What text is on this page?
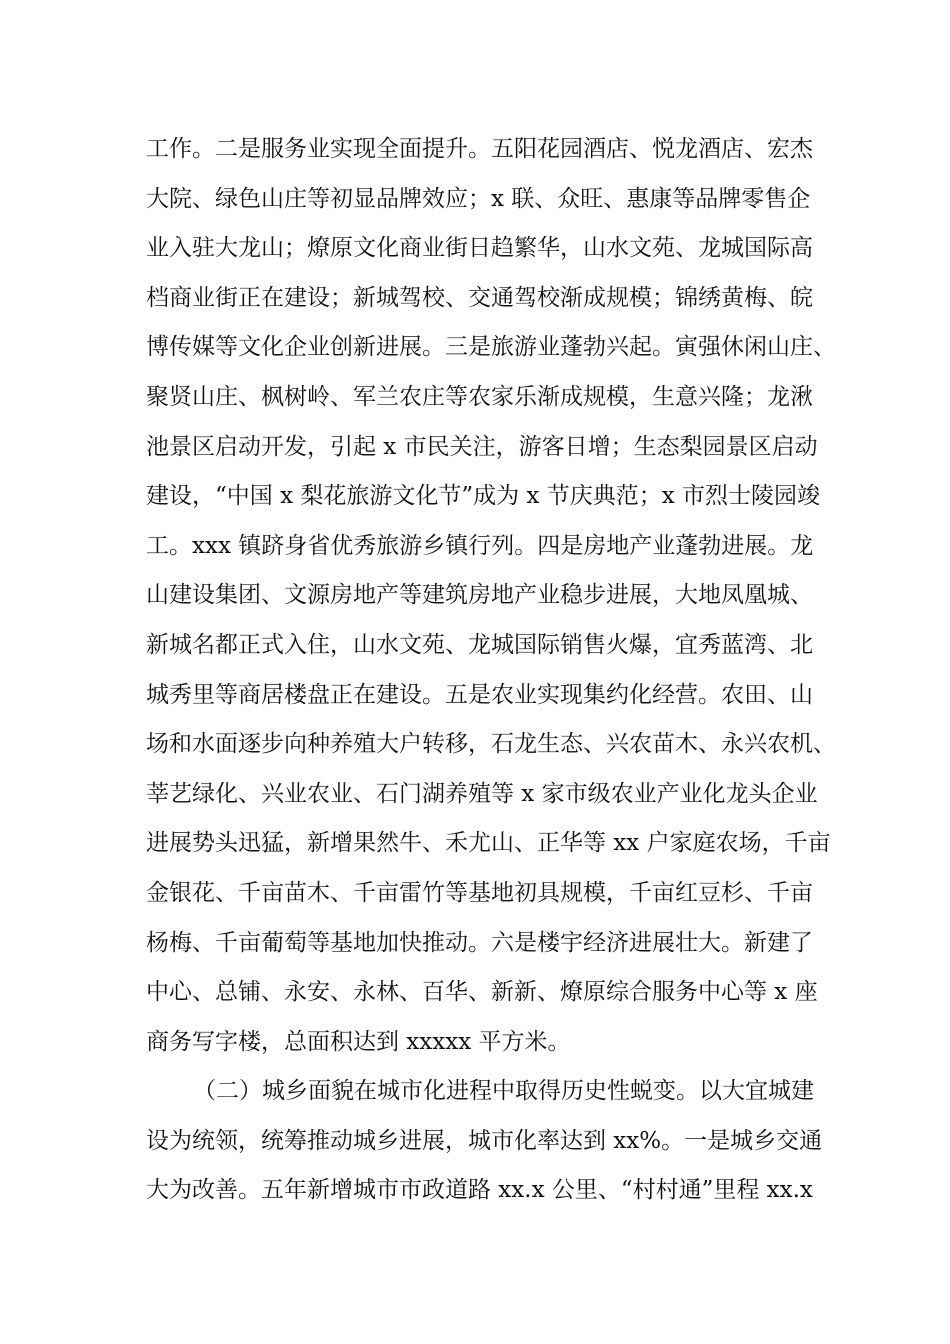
工作。二是服务业实现全面提升。五阳花园酒店、悦龙酒店、宏杰
大院、绿色山庄等初显品牌效应；x 联、众旺、惠康等品牌零售企
业入驻大龙山；燎原文化商业街日趋繁华，山水文苑、龙城国际高
档商业街正在建设；新城驾校、交通驾校渐成规模；锦绣黄梅、皖
博传媒等文化企业创新进展。三是旅游业蓬勃兴起。寅强休闲山庄、
聚贤山庄、枫树岭、军兰农庄等农家乐渐成规模，生意兴隆；龙湫
池景区启动开发，引起 x 市民关注，游客日增；生态梨园景区启动
建设，“中国 x 梨花旅游文化节”成为 x 节庆典范；x 市烈士陵园竣
工。xxx 镇跻身省优秀旅游乡镇行列。四是房地产业蓬勃进展。龙
山建设集团、文源房地产等建筑房地产业稳步进展，大地凤凰城、
新城名都正式入住，山水文苑、龙城国际销售火爆，宜秀蓝湾、北
城秀里等商居楼盘正在建设。五是农业实现集约化经营。农田、山
场和水面逐步向种养殖大户转移，石龙生态、兴农苗木、永兴农机、
莘艺绿化、兴业农业、石门湖养殖等 x 家市级农业产业化龙头企业
进展势头迅猛，新增果然牛、禾尤山、正华等 xx 户家庭农场，千亩
金银花、千亩苗木、千亩雷竹等基地初具规模，千亩红豆杉、千亩
杨梅、千亩葡萄等基地加快推动。六是楼宇经济进展壮大。新建了
中心、总铺、永安、永林、百华、新新、燎原综合服务中心等 x 座
商务写字楼，总面积达到 xxxxx 平方米。
（二）城乡面貌在城市化进程中取得历史性蜕变。以大宜城建
设为统领，统筹推动城乡进展，城市化率达到 xx%。一是城乡交通
大为改善。五年新增城市市政道路 xx.x 公里、“村村通”里程 xx.x
